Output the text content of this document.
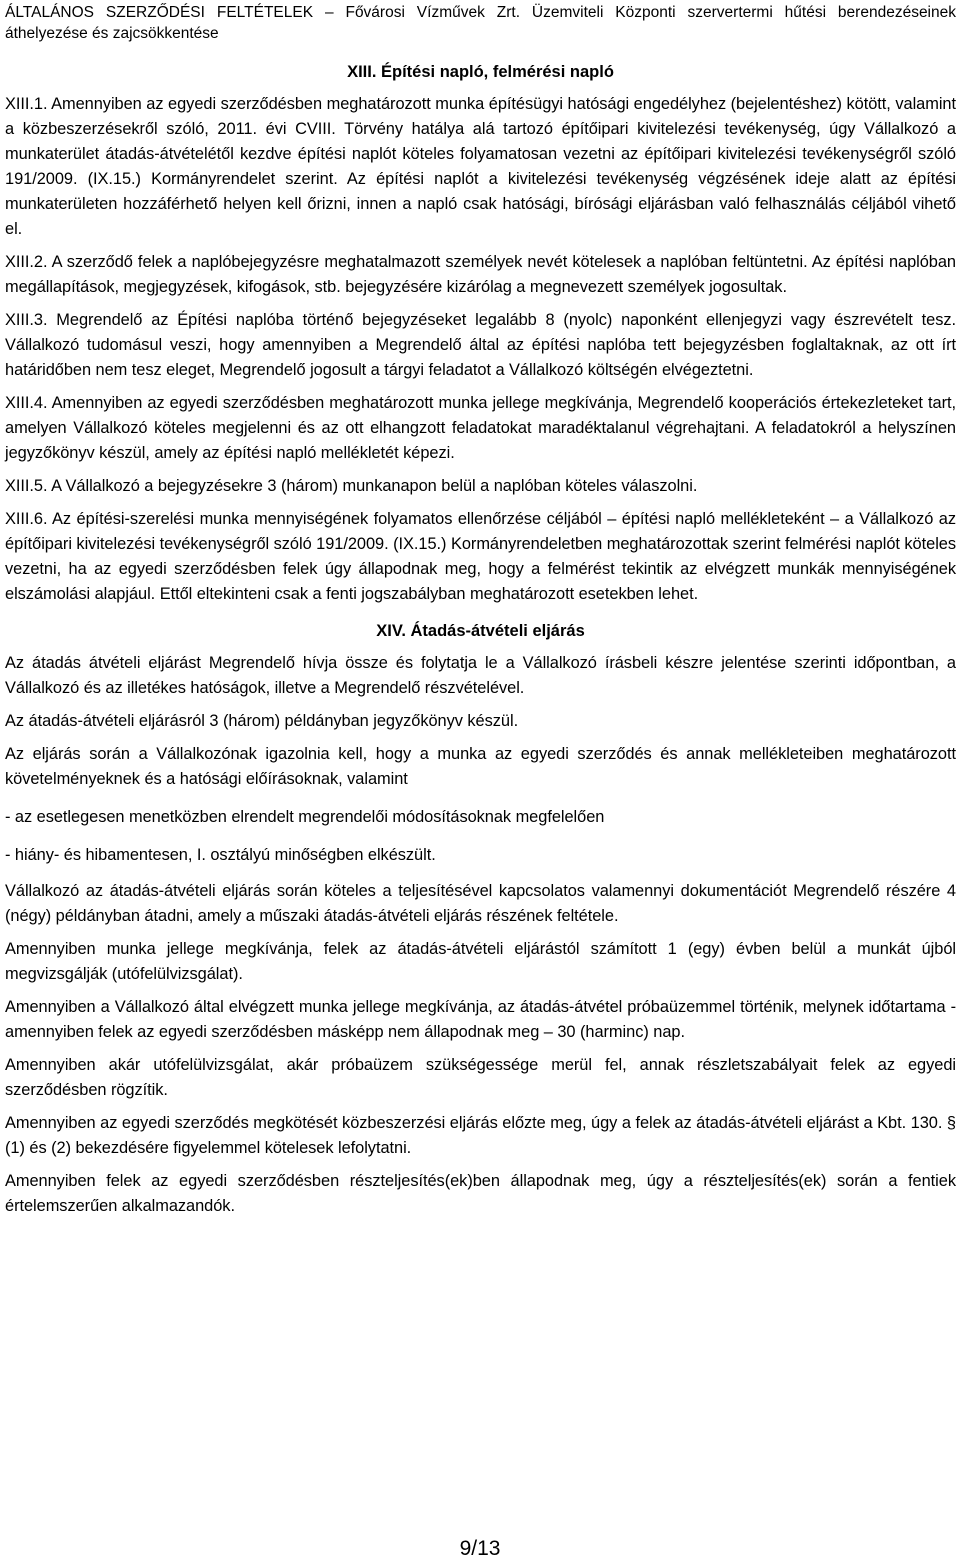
ÁLTALÁNOS SZERZŐDÉSI FELTÉTELEK – Fővárosi Vízművek Zrt. Üzemviteli Központi szervertermi hűtési berendezéseinek áthelyezése és zajcsökkentése
XIII. Építési napló, felmérési napló

XIII.1. Amennyiben az egyedi szerződésben meghatározott munka építésügyi hatósági engedélyhez (bejelentéshez) kötött, valamint a közbeszerzésekről szóló, 2011. évi CVIII. Törvény hatálya alá tartozó építőipari kivitelezési tevékenység, úgy Vállalkozó a munkaterület átadás-átvételétől kezdve építési naplót köteles folyamatosan vezetni az építőipari kivitelezési tevékenységről szóló 191/2009. (IX.15.) Kormányrendelet szerint. Az építési naplót a kivitelezési tevékenység végzésének ideje alatt az építési munkaterületen hozzáférhető helyen kell őrizni, innen a napló csak hatósági, bírósági eljárásban való felhasználás céljából vihető el.

XIII.2. A szerződő felek a naplóbejegyzésre meghatalmazott személyek nevét kötelesek a naplóban feltüntetni. Az építési naplóban megállapítások, megjegyzések, kifogások, stb. bejegyzésére kizárólag a megnevezett személyek jogosultak.

XIII.3. Megrendelő az Építési naplóba történő bejegyzéseket legalább 8 (nyolc) naponként ellenjegyzi vagy észrevételt tesz. Vállalkozó tudomásul veszi, hogy amennyiben a Megrendelő által az építési naplóba tett bejegyzésben foglaltaknak, az ott írt határidőben nem tesz eleget, Megrendelő jogosult a tárgyi feladatot a Vállalkozó költségén elvégeztetni.

XIII.4. Amennyiben az egyedi szerződésben meghatározott munka jellege megkívánja, Megrendelő kooperációs értekezleteket tart, amelyen Vállalkozó köteles megjelenni és az ott elhangzott feladatokat maradéktalanul végrehajtani. A feladatokról a helyszínen jegyzőkönyv készül, amely az építési napló mellékletét képezi.

XIII.5. A Vállalkozó a bejegyzésekre 3 (három) munkanapon belül a naplóban köteles válaszolni.

XIII.6. Az építési-szerelési munka mennyiségének folyamatos ellenőrzése céljából – építési napló mellékleteként – a Vállalkozó az építőipari kivitelezési tevékenységről szóló 191/2009. (IX.15.) Kormányrendeletben meghatározottak szerint felmérési naplót köteles vezetni, ha az egyedi szerződésben felek úgy állapodnak meg, hogy a felmérést tekintik az elvégzett munkák mennyiségének elszámolási alapjául. Ettől eltekinteni csak a fenti jogszabályban meghatározott esetekben lehet.

XIV. Átadás-átvételi eljárás

Az átadás átvételi eljárást Megrendelő hívja össze és folytatja le a Vállalkozó írásbeli készre jelentése szerinti időpontban, a Vállalkozó és az illetékes hatóságok, illetve a Megrendelő részvételével.

Az átadás-átvételi eljárásról 3 (három) példányban jegyzőkönyv készül.

Az eljárás során a Vállalkozónak igazolnia kell, hogy a munka az egyedi szerződés és annak mellékleteiben meghatározott követelményeknek és a hatósági előírásoknak, valamint

- az esetlegesen menetközben elrendelt megrendelői módosításoknak megfelelően

- hiány- és hibamentesen, I. osztályú minőségben elkészült.

Vállalkozó az átadás-átvételi eljárás során köteles a teljesítésével kapcsolatos valamennyi dokumentációt Megrendelő részére 4 (négy) példányban átadni, amely a műszaki átadás-átvételi eljárás részének feltétele.

Amennyiben munka jellege megkívánja, felek az átadás-átvételi eljárástól számított 1 (egy) évben belül a munkát újból megvizsgálják (utófelülvizsgálat).

Amennyiben a Vállalkozó által elvégzett munka jellege megkívánja, az átadás-átvétel próbaüzemmel történik, melynek időtartama - amennyiben felek az egyedi szerződésben másképp nem állapodnak meg – 30 (harminc) nap.

Amennyiben akár utófelülvizsgálat, akár próbaüzem szükségessége merül fel, annak részletszabályait felek az egyedi szerződésben rögzítik.

Amennyiben az egyedi szerződés megkötését közbeszerzési eljárás előzte meg, úgy a felek az átadás-átvételi eljárást a Kbt. 130. § (1) és (2) bekezdésére figyelemmel kötelesek lefolytatni.

Amennyiben felek az egyedi szerződésben részteljesítés(ek)ben állapodnak meg, úgy a részteljesítés(ek) során a fentiek értelemszerűen alkalmazandók.

9/13
